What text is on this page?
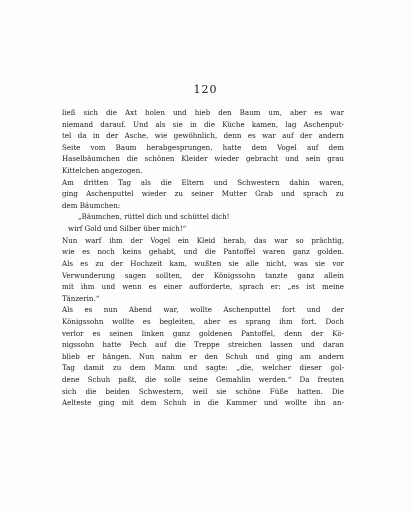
120
ließ sich die Axt holen und hieb den Baum um, aber es war
niemand darauf. Und als sie in die Küche kamen, lag Aschenput-
tel da in der Asche, wie gewöhnlich, denn es war auf der andern
Seite vom Baum herabgesprungen, hatte dem Vogel auf dem
Haselbäumchen die schönen Kleider wieder gebracht und sein grau
Kittelchen angezogen.
Am dritten Tag als die Eltern und Schwestern dahin waren,
ging Aschenputtel wieder zu seiner Mutter Grab und sprach zu
dem Bäumchen:
„Bäumchen, rüttel dich und schüttel dich!
wirf Gold und Silber über mich!“
Nun warf ihm der Vogel ein Kleid herab, das war so prächtig,
wie es noch keins gehabt, und die Pantoffel waren ganz golden.
Als es zu der Hochzeit kam, wußten sie alle nicht, was sie vor
Verwunderung sagen sollten, der Königssohn tanzte ganz allein
mit ihm und wenn es einer aufforderte, sprach er: „es ist meine
Tänzerin.“
Als es nun Abend war, wollte Aschenputtel fort und der
Königssohn wollte es begleiten, aber es sprang ihm fort. Doch
verlor es seinen linken ganz goldenen Pantoffel, denn der Kö-
nigssohn hatte Pech auf die Treppe streichen lassen und daran
blieb er hängen. Nun nahm er den Schuh und ging am andern
Tag damit zu dem Mann und sagte: „die, welcher dieser gol-
dene Schuh paßt, die solle seine Gemahlin werden.“ Da freuten
sich die beiden Schwestern, weil sie schöne Füße hatten. Die
Aelteste ging mit dem Schuh in die Kammer und wollte ihn an-
